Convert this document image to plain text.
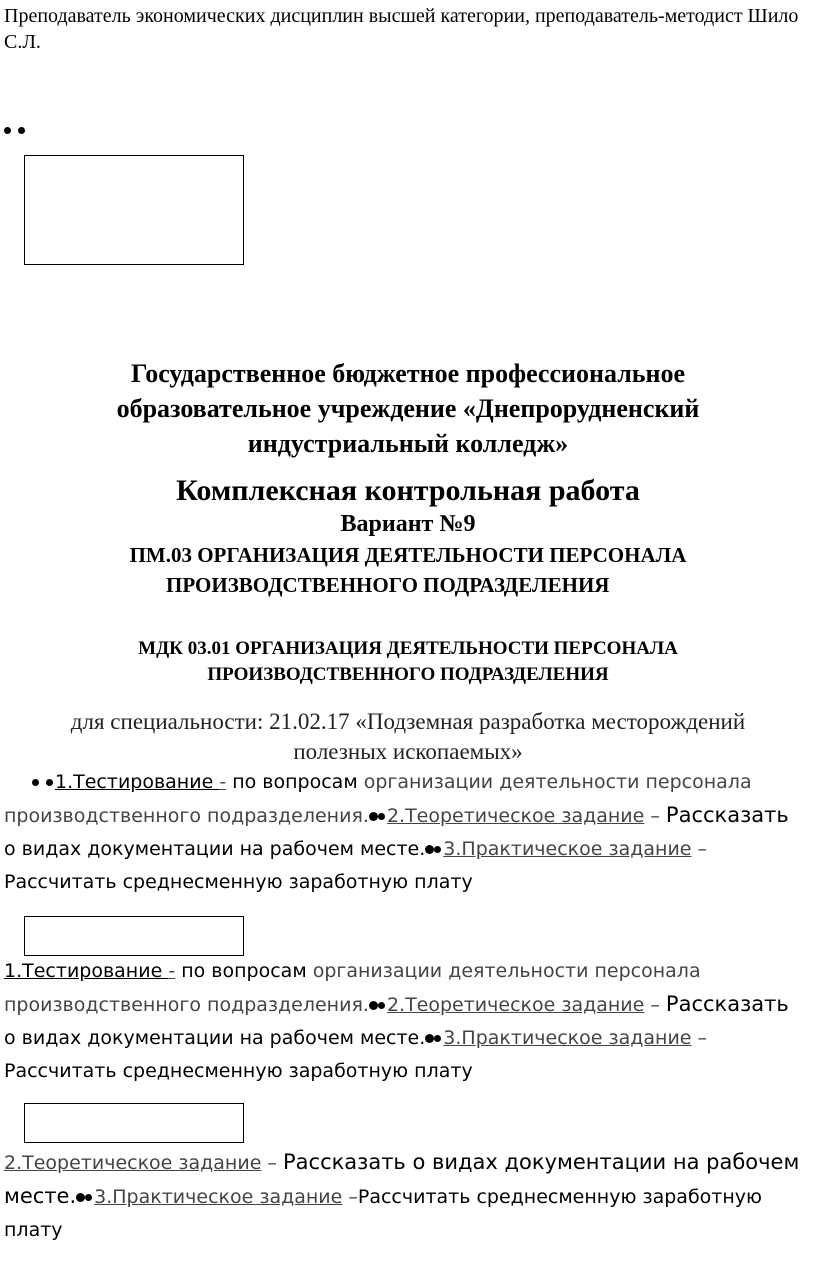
Преподаватель экономических дисциплин высшей категории, преподаватель-методист Шило
С.Л.
Государственное бюджетное профессиональное
образовательное учреждение «Днепрорудненский
индустриальный колледж»
Комплексная контрольная работа
Вариант №9
ПМ.03 ОРГАНИЗАЦИЯ ДЕЯТЕЛЬНОСТИ ПЕРСОНАЛА
ПРОИЗВОДСТВЕННОГО ПОДРАЗДЕЛЕНИЯ
МДК 03.01 ОРГАНИЗАЦИЯ ДЕЯТЕЛЬНОСТИ ПЕРСОНАЛА
ПРОИЗВОДСТВЕННОГО ПОДРАЗДЕЛЕНИЯ
для специальности: 21.02.17 «Подземная разработка месторождений
полезных ископаемых»
1.Тестирование - по вопросам организации деятельности персонала
производственного подразделения. 2.Теоретическое задание – Рассказать
о видах документации на рабочем месте. 3.Практическое задание –
Рассчитать среднесменную заработную плату
1.Тестирование - по вопросам организации деятельности персонала
производственного подразделения. 2.Теоретическое задание – Рассказать
о видах документации на рабочем месте. 3.Практическое задание –
Рассчитать среднесменную заработную плату
2.Теоретическое задание – Рассказать о видах документации на рабочем
месте. 3.Практическое задание –Рассчитать среднесменную заработную
плату
